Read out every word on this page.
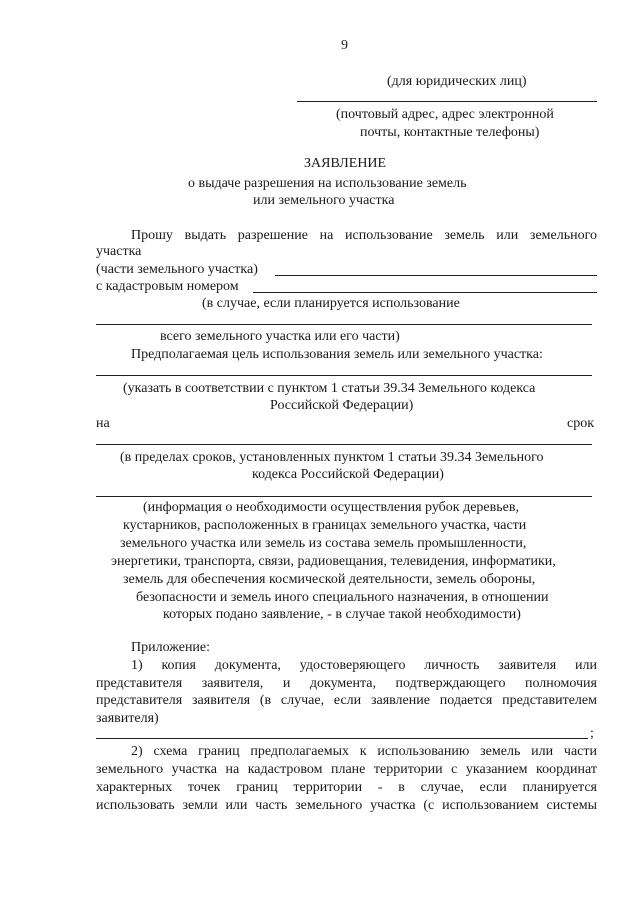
9
(для юридических лиц)
(почтовый адрес, адрес электронной
почты, контактные телефоны)
ЗАЯВЛЕНИЕ
о выдаче разрешения на использование земель
или земельного участка
Прошу выдать разрешение на использование земель или земельного
участка
(части земельного участка)
с кадастровым номером
(в случае, если планируется использование
всего земельного участка или его части)
Предполагаемая цель использования земель или земельного участка:
(указать в соответствии с пунктом 1 статьи 39.34 Земельного кодекса
Российской Федерации)
на	срок
(в пределах сроков, установленных пунктом 1 статьи 39.34 Земельного
кодекса Российской Федерации)
(информация о необходимости осуществления рубок деревьев,
кустарников, расположенных в границах земельного участка, части
земельного участка или земель из состава земель промышленности,
энергетики, транспорта, связи, радиовещания, телевидения, информатики,
земель для обеспечения космической деятельности, земель обороны,
безопасности и земель иного специального назначения, в отношении
которых подано заявление, - в случае такой необходимости)
Приложение:
1) копия документа, удостоверяющего личность заявителя или
представителя заявителя, и документа, подтверждающего полномочия
представителя заявителя (в случае, если заявление подается представителем
заявителя)
;
2) схема границ предполагаемых к использованию земель или части
земельного участка на кадастровом плане территории с указанием координат
характерных точек границ территории - в случае, если планируется
использовать земли или часть земельного участка (с использованием системы
